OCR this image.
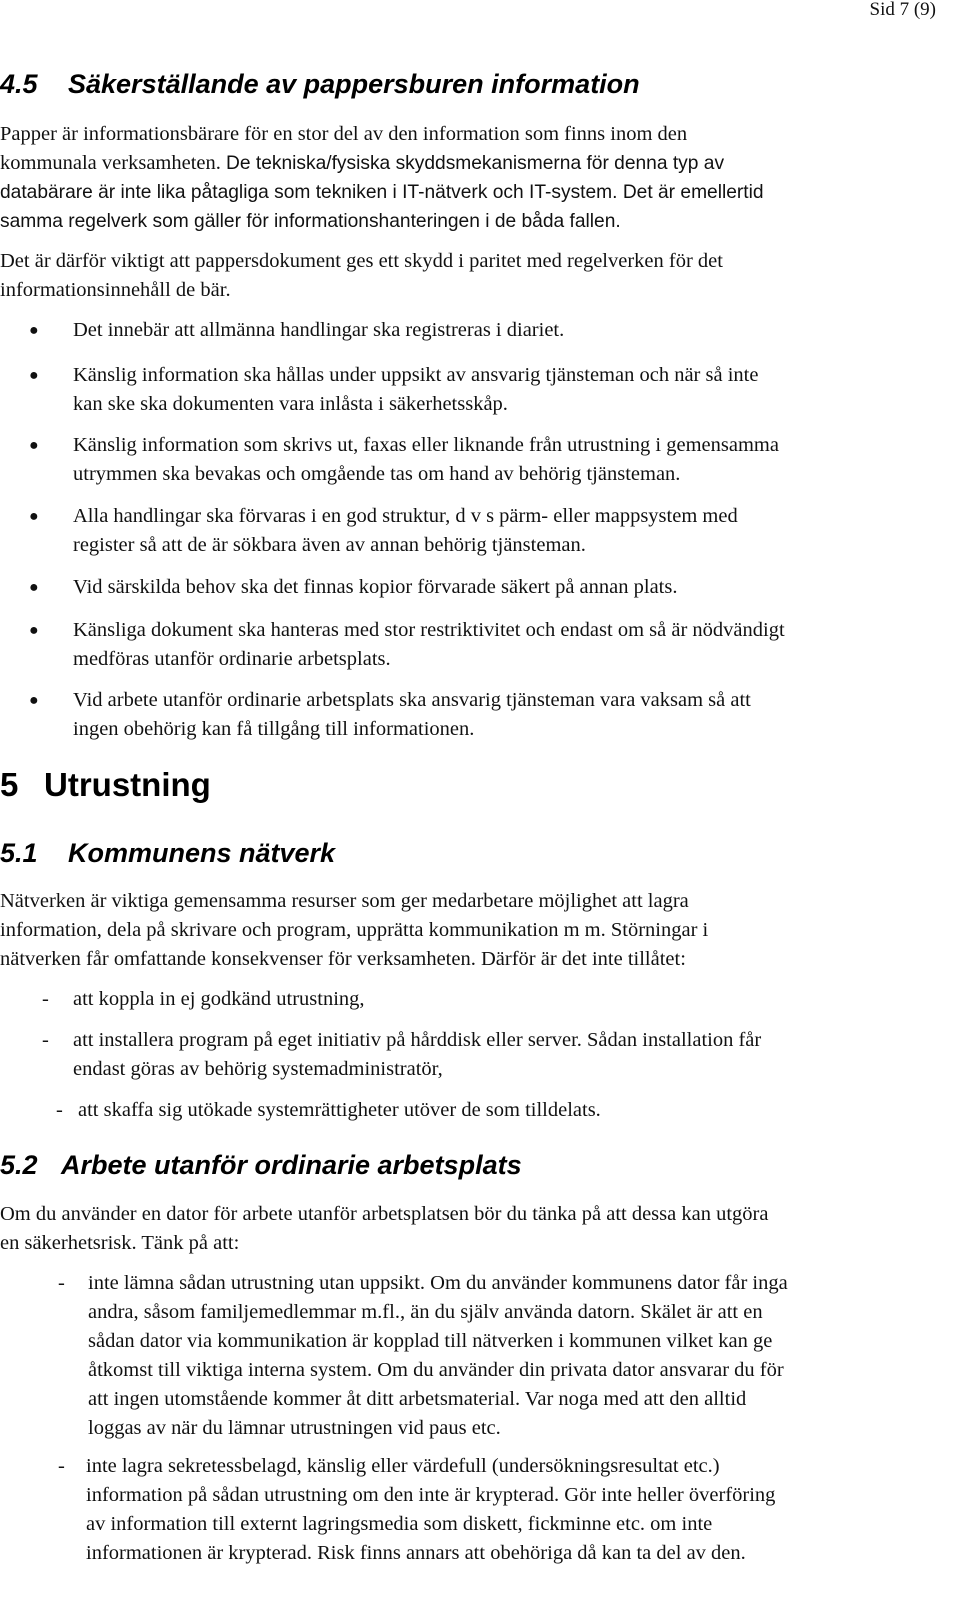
Sid 7 (9)

4.5 Säkerställande av pappersburen information

Papper är informationsbärare för en stor del av den information som finns inom den
kommunala verksamheten. De tekniska/fysiska skyddsmekanismerna för denna typ av
databärare är inte lika påtagliga som tekniken i IT-nätverk och IT-system. Det är emellertid
samma regelverk som gäller för informationshanteringen i de båda fallen.

Det är därför viktigt att pappersdokument ges ett skydd i paritet med regelverken för det
informationsinnehåll de bär.

● Det innebär att allmänna handlingar ska registreras i diariet.
● Känslig information ska hållas under uppsikt av ansvarig tjänsteman och när så inte
kan ske ska dokumenten vara inlåsta i säkerhetsskåp.
● Känslig information som skrivs ut, faxas eller liknande från utrustning i gemensamma
utrymmen ska bevakas och omgående tas om hand av behörig tjänsteman.
● Alla handlingar ska förvaras i en god struktur, d v s pärm- eller mappsystem med
register så att de är sökbara även av annan behörig tjänsteman.
● Vid särskilda behov ska det finnas kopior förvarade säkert på annan plats.
● Känsliga dokument ska hanteras med stor restriktivitet och endast om så är nödvändigt
medföras utanför ordinarie arbetsplats.
● Vid arbete utanför ordinarie arbetsplats ska ansvarig tjänsteman vara vaksam så att
ingen obehörig kan få tillgång till informationen.
5 Utrustning
5.1 Kommunens nätverk

Nätverken är viktiga gemensamma resurser som ger medarbetare möjlighet att lagra
information, dela på skrivare och program, upprätta kommunikation m m. Störningar i
nätverken får omfattande konsekvenser för verksamheten. Därför är det inte tillåtet:

- att koppla in ej godkänd utrustning,
- att installera program på eget initiativ på hårddisk eller server. Sådan installation får
endast göras av behörig systemadministratör,
- att skaffa sig utökade systemrättigheter utöver de som tilldelats.
5.2 Arbete utanför ordinarie arbetsplats

Om du använder en dator för arbete utanför arbetsplatsen bör du tänka på att dessa kan utgöra
en säkerhetsrisk. Tänk på att:

- inte lämna sådan utrustning utan uppsikt. Om du använder kommunens dator får inga
andra, såsom familjemedlemmar m.fl., än du själv använda datorn. Skälet är att en
sådan dator via kommunikation är kopplad till nätverken i kommunen vilket kan ge
åtkomst till viktiga interna system. Om du använder din privata dator ansvarar du för
att ingen utomstående kommer åt ditt arbetsmaterial. Var noga med att den alltid
loggas av när du lämnar utrustningen vid paus etc.
- inte lagra sekretessbelagd, känslig eller värdefull (undersökningsresultat etc.)
information på sådan utrustning om den inte är krypterad. Gör inte heller överföring
av information till externt lagringsmedia som diskett, fickminne etc. om inte
informationen är krypterad. Risk finns annars att obehöriga då kan ta del av den.
